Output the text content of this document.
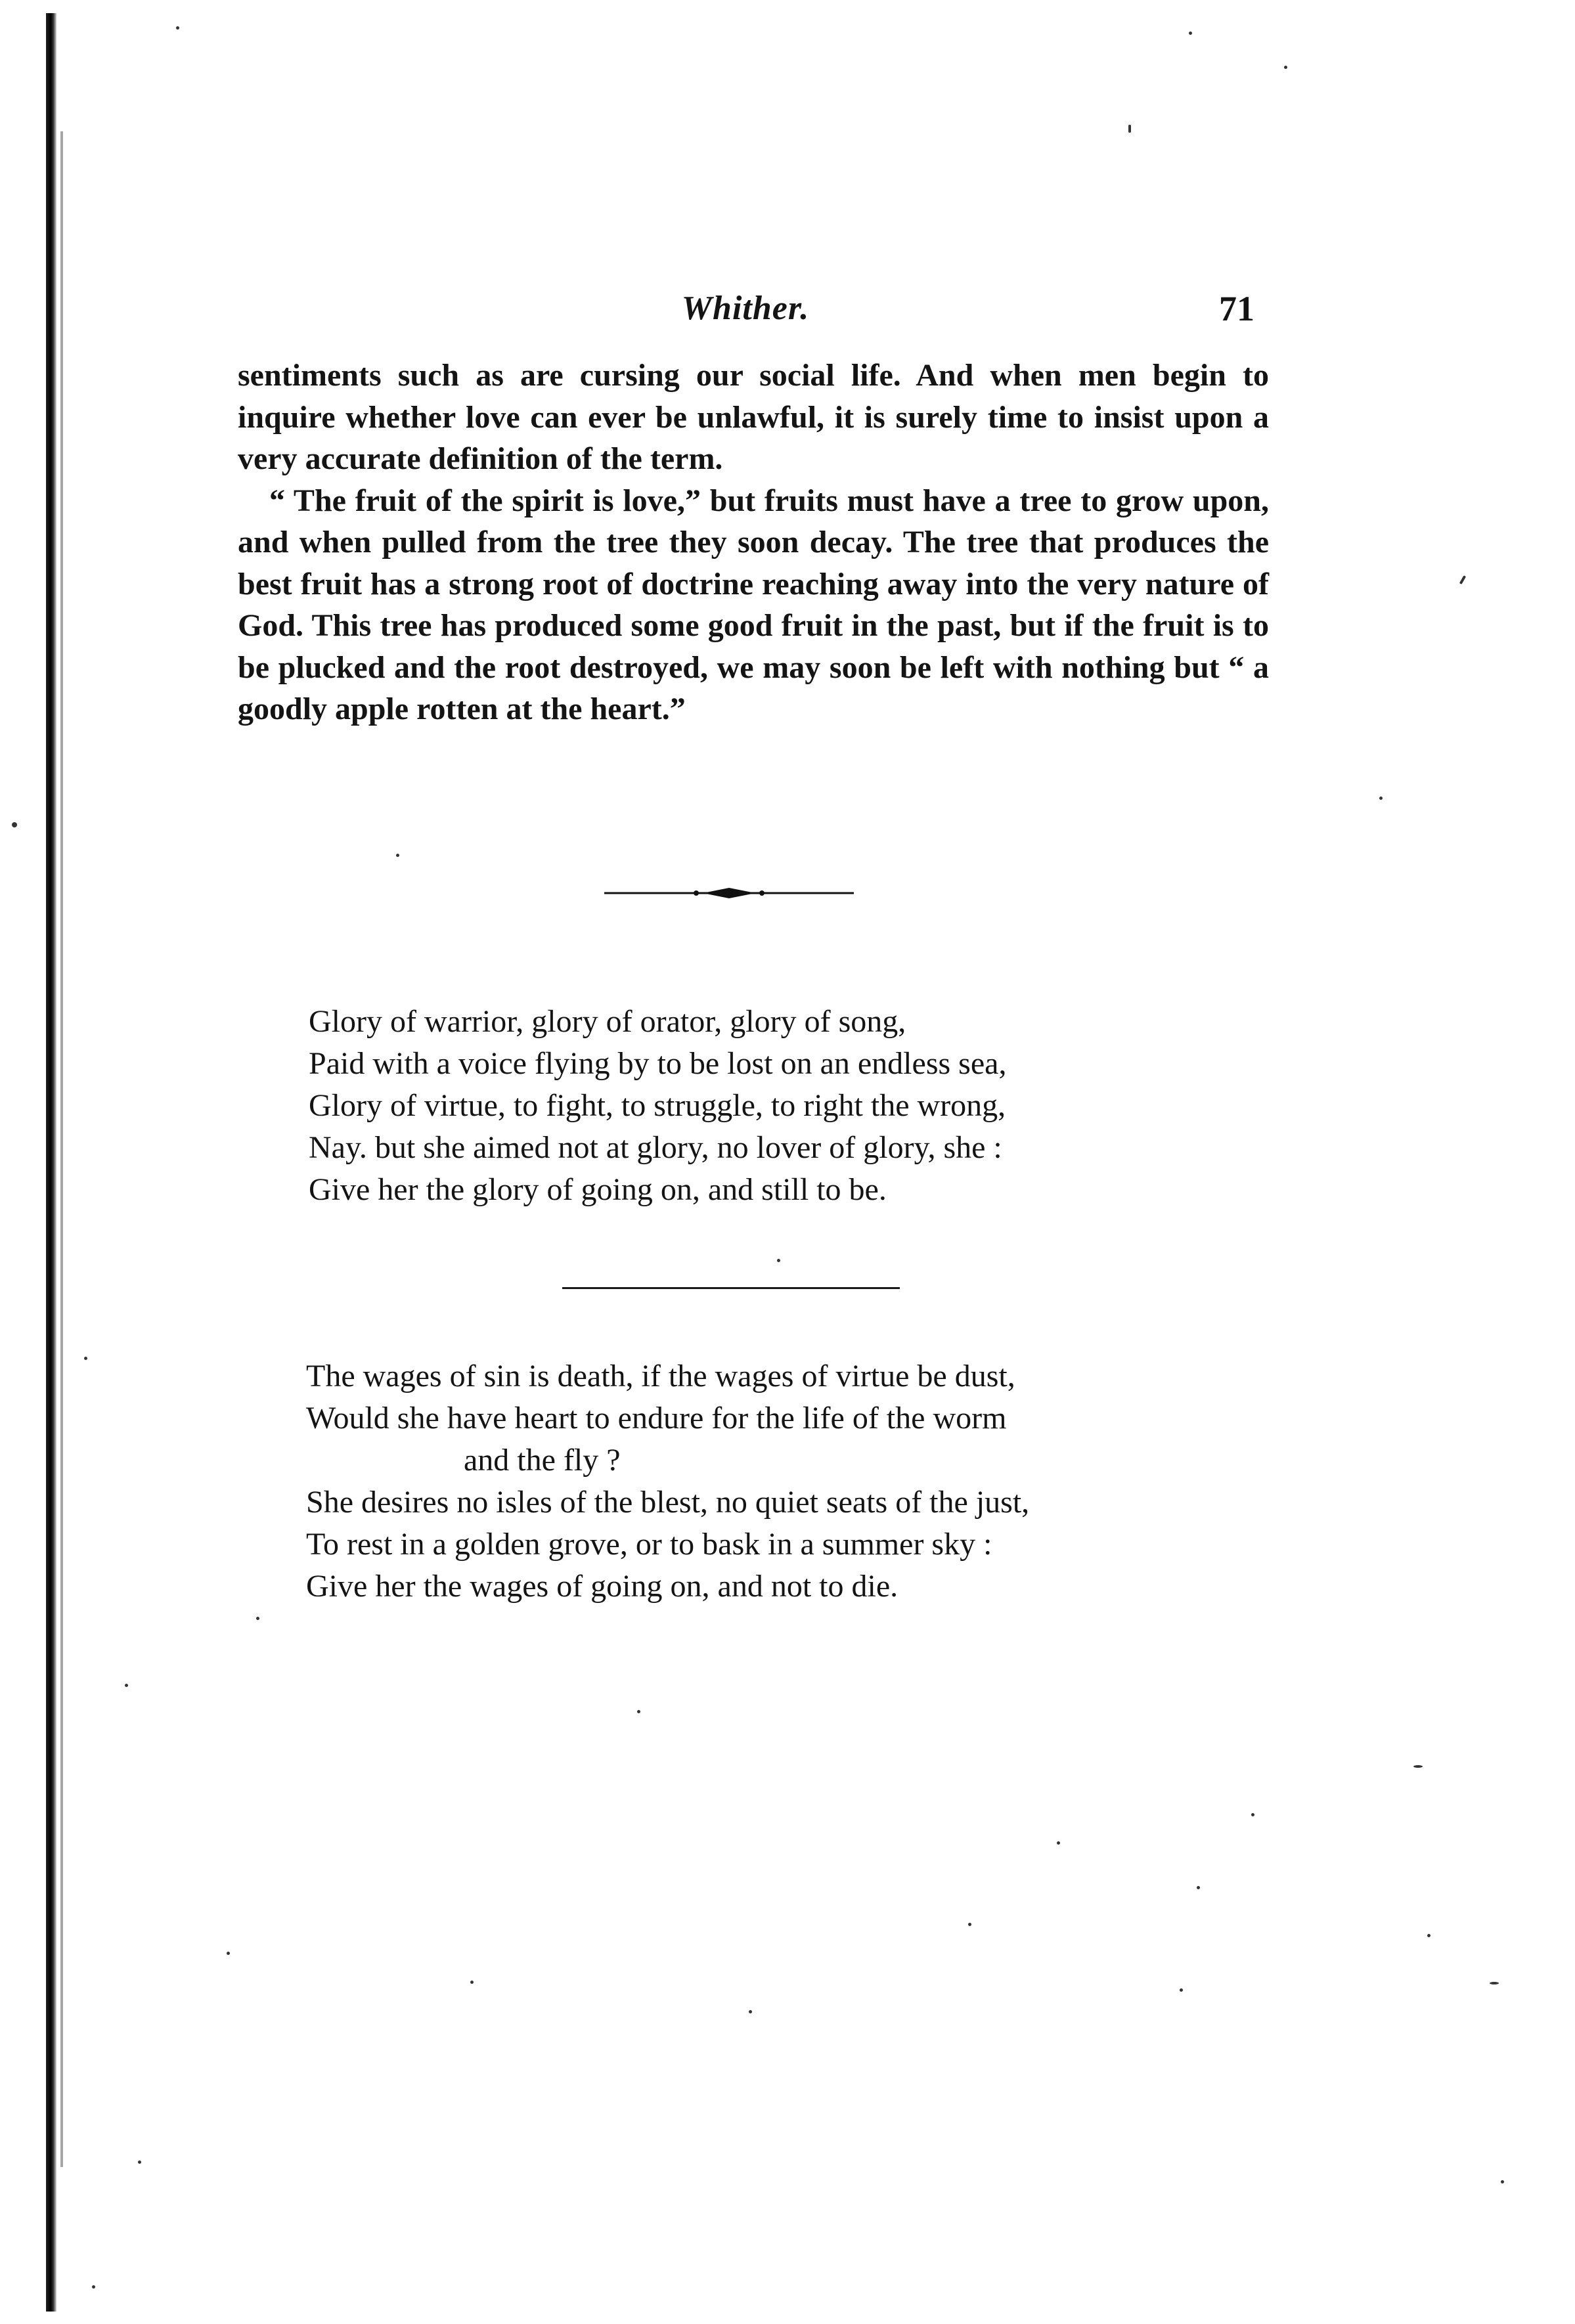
Whither.	71

sentiments such as are cursing our social life. And when men begin to inquire whether love can ever be unlawful, it is surely time to insist upon a very accurate definition of the term.

“ The fruit of the spirit is love,” but fruits must have a tree to grow upon, and when pulled from the tree they soon decay. The tree that produces the best fruit has a strong root of doctrine reaching away into the very nature of God. This tree has produced some good fruit in the past, but if the fruit is to be plucked and the root destroyed, we may soon be left with nothing but “ a goodly apple rotten at the heart.”

Glory of warrior, glory of orator, glory of song,
Paid with a voice flying by to be lost on an endless sea,
Glory of virtue, to fight, to struggle, to right the wrong,
Nay. but she aimed not at glory, no lover of glory, she :
Give her the glory of going on, and still to be.
The wages of sin is death, if the wages of virtue be dust,
Would she have heart to endure for the life of the worm
and the fly ?
She desires no isles of the blest, no quiet seats of the just,
To rest in a golden grove, or to bask in a summer sky :
Give her the wages of going on, and not to die.
